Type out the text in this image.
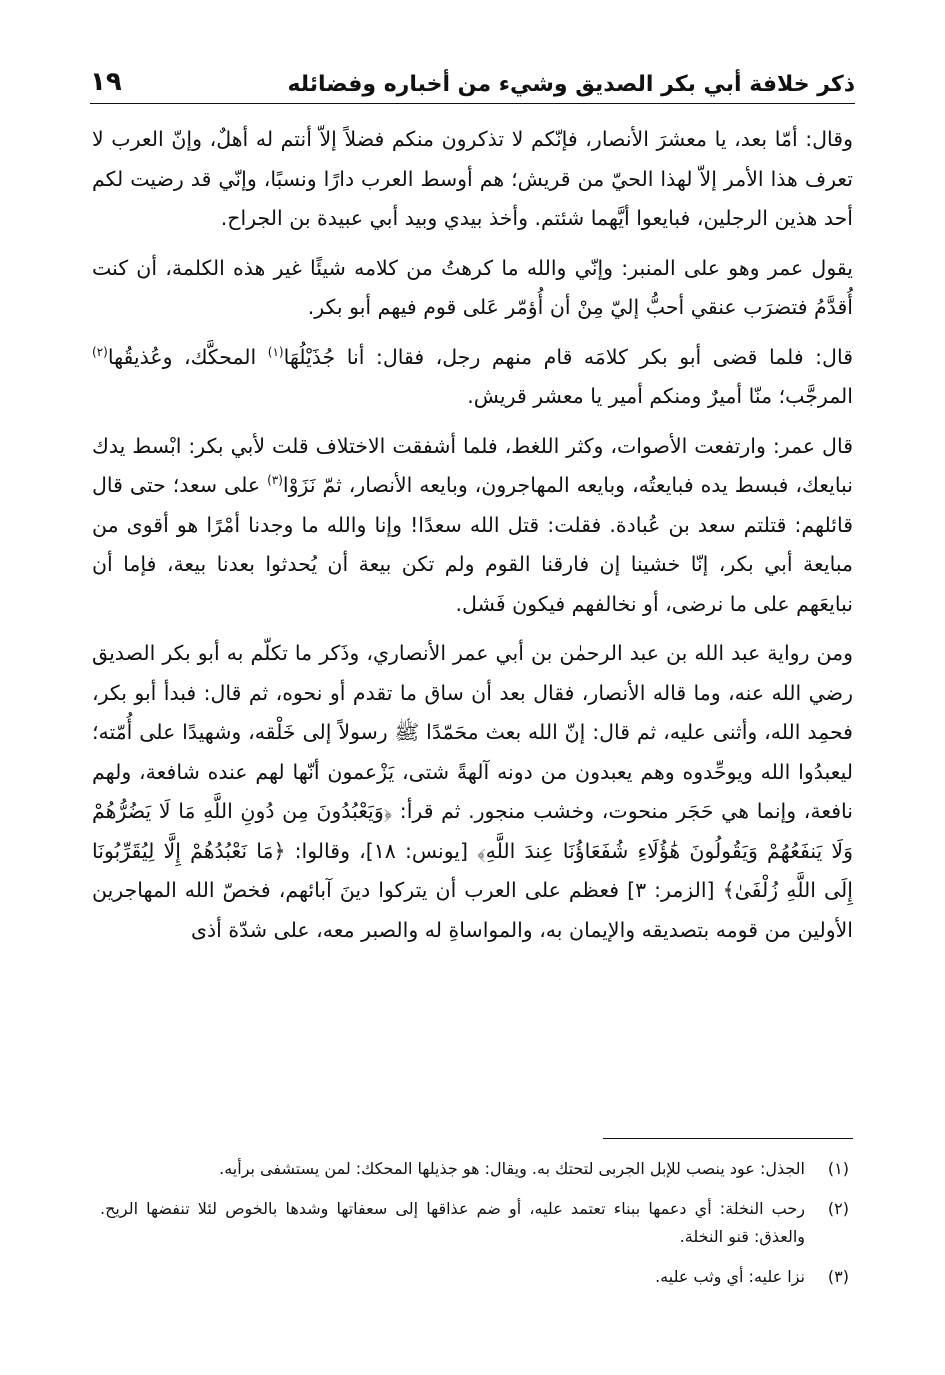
١٩	ذكر خلافة أبي بكر الصديق وشيء من أخباره وفضائله

وقال: أمّا بعد، يا معشرَ الأنصار، فإنّكم لا تذكرون منكم فضلاً إلاّ أنتم له أهلٌ، وإنّ العرب لا تعرف هذا الأمر إلاّ لهذا الحيّ من قريش؛ هم أوسط العرب دارًا ونسبًا، وإنّي قد رضيت لكم أحد هذين الرجلين، فبايعوا أيَّهما شئتم. وأخذ بيدي وبيد أبي عبيدة بن الجراح.

يقول عمر وهو على المنبر: وإنّي والله ما كرهتُ من كلامه شيئًا غير هذه الكلمة، أن كنت أُقدَّمُ فتضرَب عنقي أحبُّ إليّ مِنْ أن أُؤمّر عَلى قوم فيهم أبو بكر.

قال: فلما قضى أبو بكر كلامَه قام منهم رجل، فقال: أنا جُذَيْلُهَا$^{(١)}$ المحكَّك، وعُذيقُها$^{(٢)}$ المرجَّب؛ منّا أميرٌ ومنكم أمير يا معشر قريش.

قال عمر: وارتفعت الأصوات، وكثر اللغط، فلما أشفقت الاختلاف قلت لأبي بكر: ابْسط يدك نبايعك، فبسط يده فبايعتُه، وبايعه المهاجرون، وبايعه الأنصار، ثمّ نَزَوْا$^{(٣)}$ على سعد؛ حتى قال قائلهم: قتلتم سعد بن عُبادة. فقلت: قتل الله سعدًا! وإنا والله ما وجدنا أمْرًا هو أقوى من مبايعة أبي بكر، إنّا خشينا إن فارقنا القوم ولم تكن بيعة أن يُحدثوا بعدنا بيعة، فإما أن نبايعَهم على ما نرضى، أو نخالفهم فيكون فَشل.

ومن رواية عبد الله بن عبد الرحمٰن بن أبي عمر الأنصاري، وذَكر ما تكلّم به أبو بكر الصديق رضي الله عنه، وما قاله الأنصار، فقال بعد أن ساق ما تقدم أو نحوه، ثم قال: فبدأ أبو بكر، فحمِد الله، وأثنى عليه، ثم قال: إنّ الله بعث محَمّدًا ﷺ رسولاً إلى خَلْقه، وشهيدًا على أُمّته؛ ليعبدُوا الله ويوحِّدوه وهم يعبدون من دونه آلهةً شتى، يَزْعمون أنّها لهم عنده شافعة، ولهم نافعة، وإنما هي حَجَر منحوت، وخشب منجور. ثم قرأ: ﴿وَيَعْبُدُونَ مِن دُونِ اللَّهِ مَا لَا يَضُرُّهُمْ وَلَا يَنفَعُهُمْ وَيَقُولُونَ هَٰؤُلَاءِ شُفَعَاؤُنَا عِندَ اللَّهِ﴾ [يونس: ١٨]، وقالوا: ﴿مَا نَعْبُدُهُمْ إِلَّا لِيُقَرِّبُونَا إِلَى اللَّهِ زُلْفَىٰ﴾ [الزمر: ٣] فعظم على العرب أن يتركوا دينَ آبائهم، فخصّ الله المهاجرين الأولين من قومه بتصديقه والإيمان به، والمواساةِ له والصبر معه، على شدّة أذى

(١)
الجذل: عود ينصب للإبل الجربى لتحتك به. ويقال: هو جذيلها المحكك: لمن يستشفى برأيه.
(٢)
رحب النخلة: أي دعمها ببناء تعتمد عليه، أو ضم عذاقها إلى سعفاتها وشدها بالخوص لئلا تنفضها الريح. والعذق: قنو النخلة.
(٣)
نزا عليه: أي وثب عليه.
